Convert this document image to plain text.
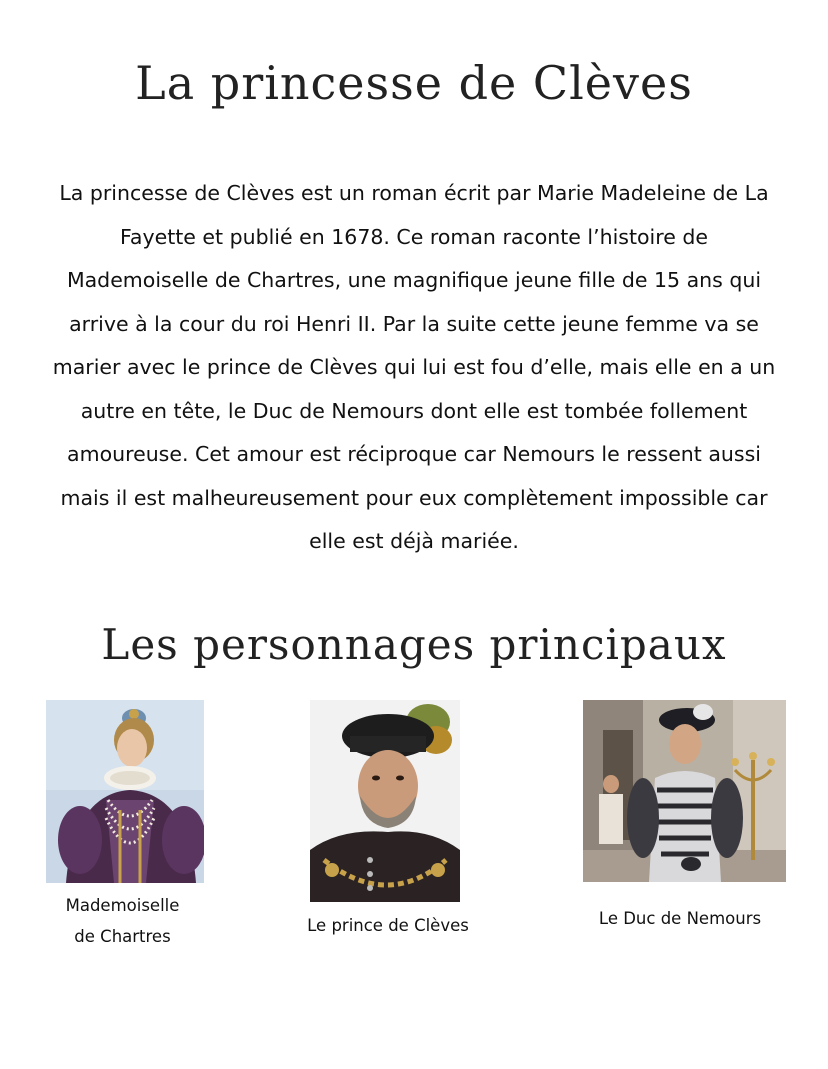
La princesse de Clèves

La princesse de Clèves est un roman écrit par Marie Madeleine de La
Fayette et publié en 1678. Ce roman raconte l’histoire de
Mademoiselle de Chartres, une magnifique jeune fille de 15 ans qui
arrive à la cour du roi Henri II. Par la suite cette jeune femme va se
marier avec le prince de Clèves qui lui est fou d’elle, mais elle en a un
autre en tête, le Duc de Nemours dont elle est tombée follement
amoureuse. Cet amour est réciproque car Nemours le ressent aussi
mais il est malheureusement pour eux complètement impossible car
elle est déjà mariée.

Les personnages principaux
Mademoiselle
de Chartres
Le prince de Clèves	Le Duc de Nemours
